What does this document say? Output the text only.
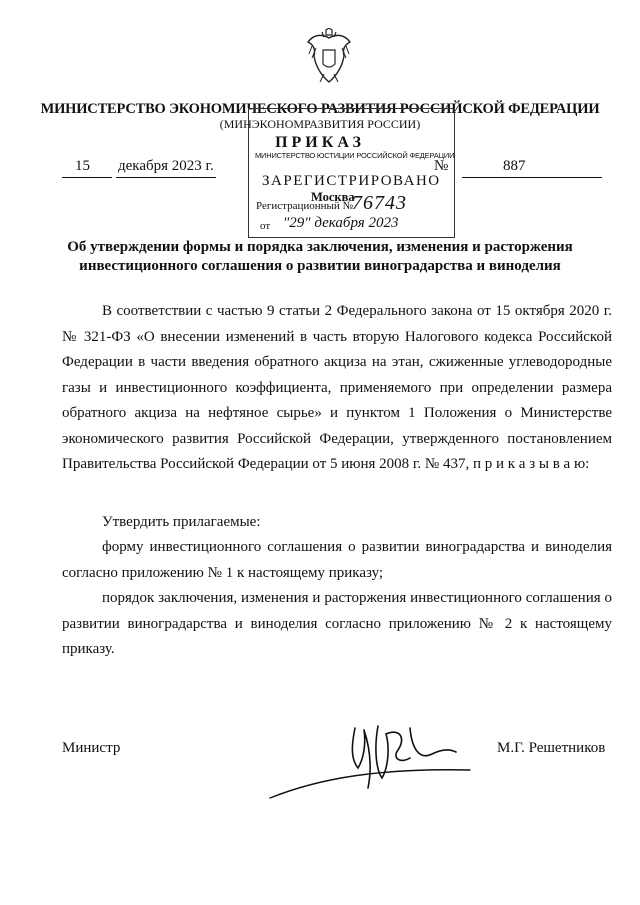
МИНИСТЕРСТВО ЭКОНОМИЧЕСКОГО РАЗВИТИЯ РОССИЙСКОЙ ФЕДЕРАЦИИ
(МИНЭКОНОМРАЗВИТИЯ РОССИИ)
ПРИКАЗ
15 декабря 2023 г.	№	887
МИНИСТЕРСТВО ЮСТИЦИИ РОССИЙСКОЙ ФЕДЕРАЦИИ
ЗАРЕГИСТРИРОВАНО
Москва
Регистрационный №
76743
от "29" декабря 2023
Об утверждении формы и порядка заключения, изменения и расторжения инвестиционного соглашения о развитии виноградарства и виноделия
В соответствии с частью 9 статьи 2 Федерального закона от 15 октября 2020 г. № 321-ФЗ «О внесении изменений в часть вторую Налогового кодекса Российской Федерации в части введения обратного акциза на этан, сжиженные углеводородные газы и инвестиционного коэффициента, применяемого при определении размера обратного акциза на нефтяное сырье» и пунктом 1 Положения о Министерстве экономического развития Российской Федерации, утвержденного постановлением Правительства Российской Федерации от 5 июня 2008 г. № 437, п р и к а з ы в а ю:
Утвердить прилагаемые:
форму инвестиционного соглашения о развитии виноградарства и виноделия согласно приложению № 1 к настоящему приказу;
порядок заключения, изменения и расторжения инвестиционного соглашения о развитии виноградарства и виноделия согласно приложению № 2 к настоящему приказу.
Министр	М.Г. Решетников
